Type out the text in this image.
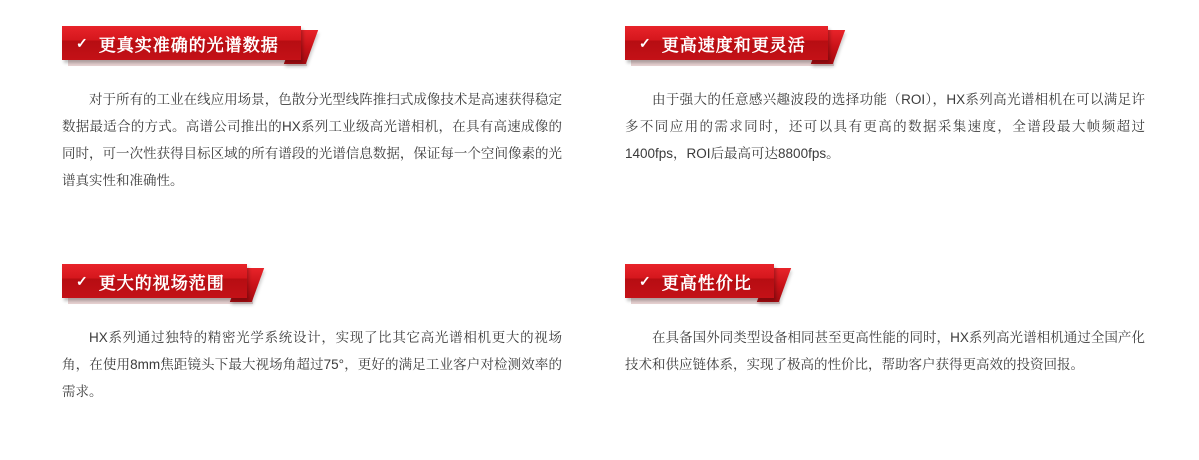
✓ 更真实准确的光谱数据

对于所有的工业在线应用场景，色散分光型线阵推扫式成像技术是高速获得稳定数据最适合的方式。高谱公司推出的HX系列工业级高光谱相机，在具有高速成像的同时，可一次性获得目标区域的所有谱段的光谱信息数据，保证每一个空间像素的光谱真实性和准确性。

✓ 更高速度和更灵活

由于强大的任意感兴趣波段的选择功能（ROI），HX系列高光谱相机在可以满足许多不同应用的需求同时，还可以具有更高的数据采集速度，全谱段最大帧频超过1400fps，ROI后最高可达8800fps。

✓ 更大的视场范围

HX系列通过独特的精密光学系统设计，实现了比其它高光谱相机更大的视场角，在使用8mm焦距镜头下最大视场角超过75°，更好的满足工业客户对检测效率的需求。

✓ 更高性价比

在具备国外同类型设备相同甚至更高性能的同时，HX系列高光谱相机通过全国产化技术和供应链体系，实现了极高的性价比，帮助客户获得更高效的投资回报。
